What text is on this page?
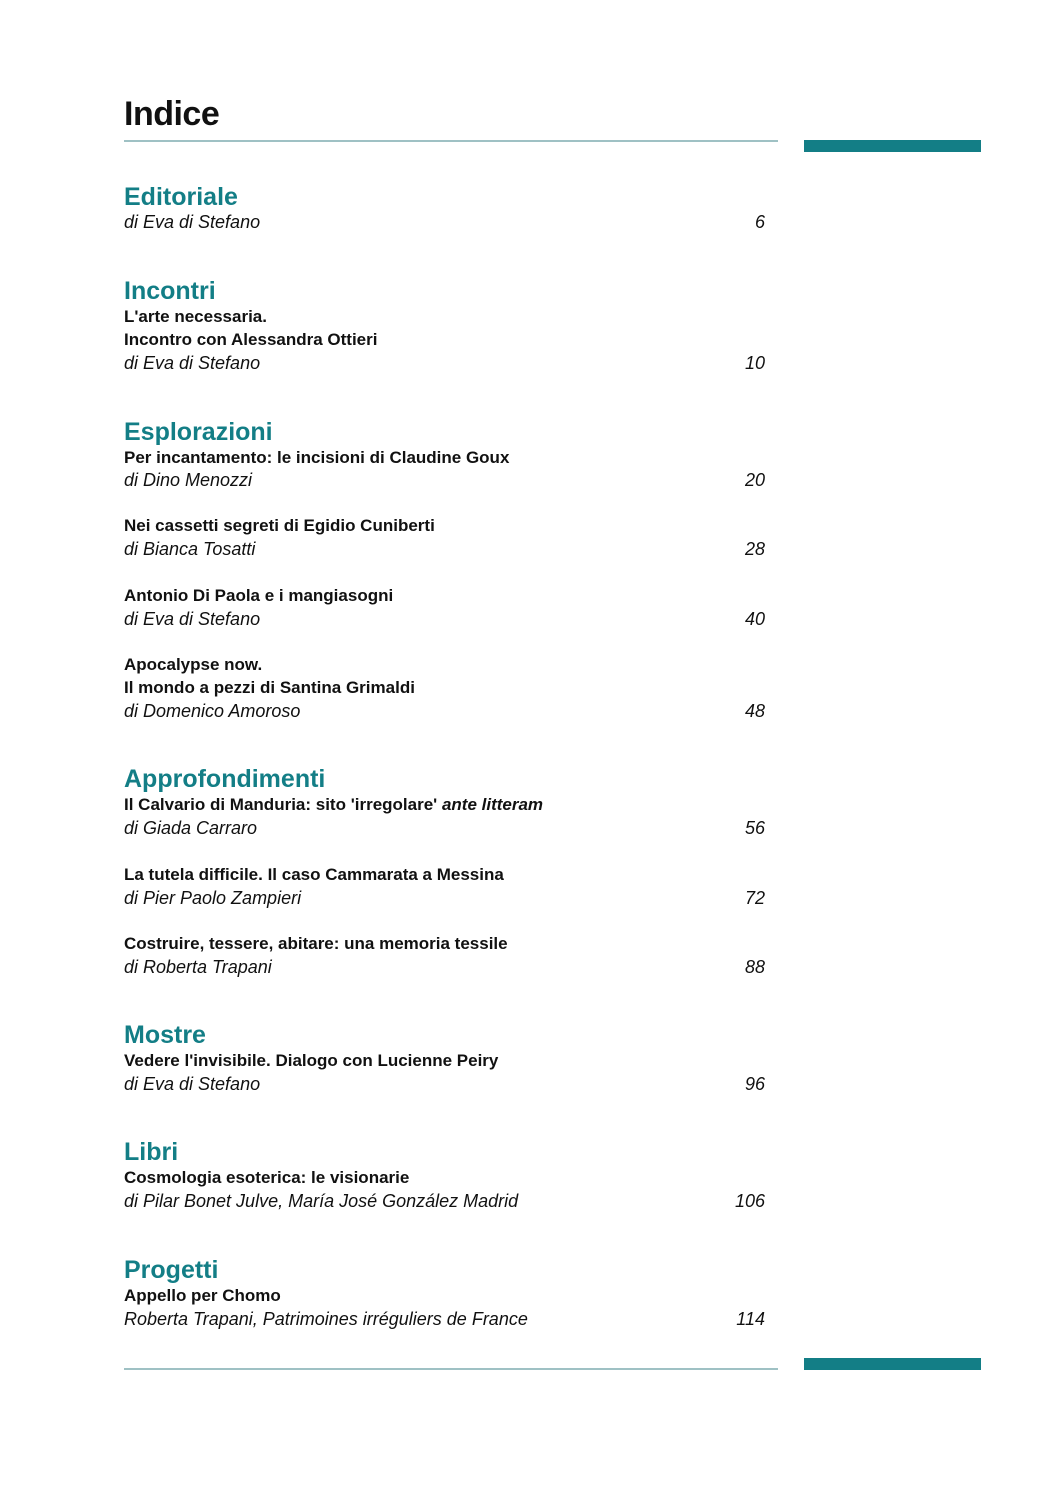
Indice
Editoriale
di Eva di Stefano	6
Incontri
L'arte necessaria.
Incontro con Alessandra Ottieri
di Eva di Stefano	10
Esplorazioni
Per incantamento: le incisioni di Claudine Goux
di Dino Menozzi	20
Nei cassetti segreti di Egidio Cuniberti
di Bianca Tosatti	28
Antonio Di Paola e i mangiasogni
di Eva di Stefano	40
Apocalypse now.
Il mondo a pezzi di Santina Grimaldi
di Domenico Amoroso	48
Approfondimenti
Il Calvario di Manduria: sito 'irregolare' ante litteram
di Giada Carraro	56
La tutela difficile. Il caso Cammarata a Messina
di Pier Paolo Zampieri	72
Costruire, tessere, abitare: una memoria tessile
di Roberta Trapani	88
Mostre
Vedere l'invisibile. Dialogo con Lucienne Peiry
di Eva di Stefano	96
Libri
Cosmologia esoterica: le visionarie
di Pilar Bonet Julve, María José González Madrid	106
Progetti
Appello per Chomo
Roberta Trapani, Patrimoines irréguliers de France	114
